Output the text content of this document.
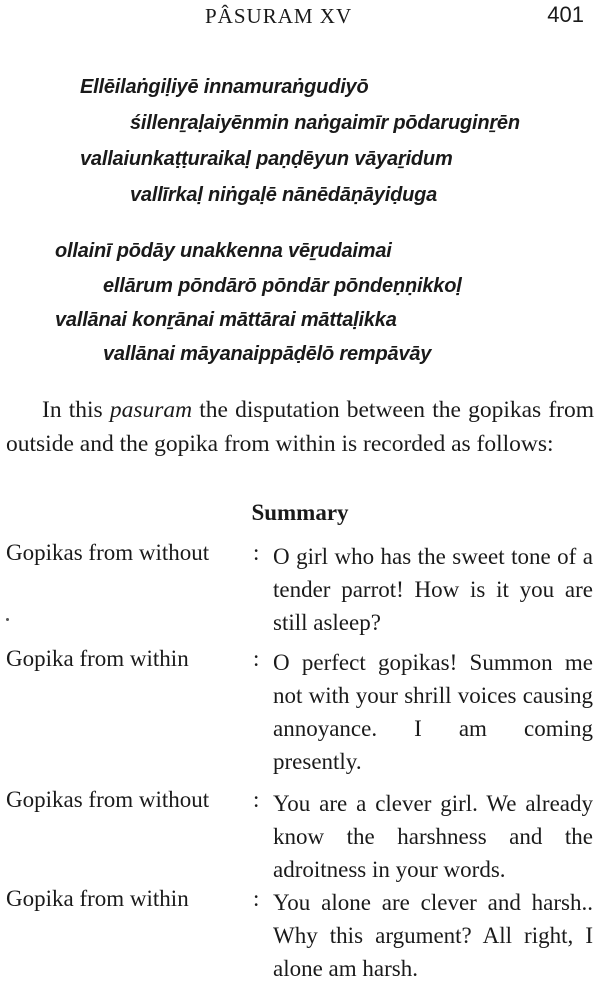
PÂSURAM XV	401
Ellēilaṅgiḷiyē innamuraṅgudiyō
śillenṟaḷaiyēnmin naṅgaimīr pōdaruginṟēn
vallaiunkaṭṭuraikaḷ paṇḍēyun vāyaṟidum
vallīrkaḷ niṅgaḷē nānēdāṇāyiḍuga
ollainī pōdāy unakkenna vēṟudaimai
ellārum pōndārō pōndār pōndeṇṇikkoḷ
vallānai konṟānai māttārai māttaḷikka
vallānai māyanaippāḍēlō rempāvāy
In this pasuram the disputation between the gopikas from outside and the gopika from within is recorded as follows:
Summary
Gopikas from without : O girl who has the sweet tone of a tender parrot! How is it you are still asleep?
Gopika from within	: O perfect gopikas! Summon me not with your shrill voices causing annoyance. I am coming presently.
Gopikas from without : You are a clever girl. We already know the harshness and the adroitness in your words.
Gopika from within	: You alone are clever and harsh.. Why this argument? All right, I alone am harsh.
